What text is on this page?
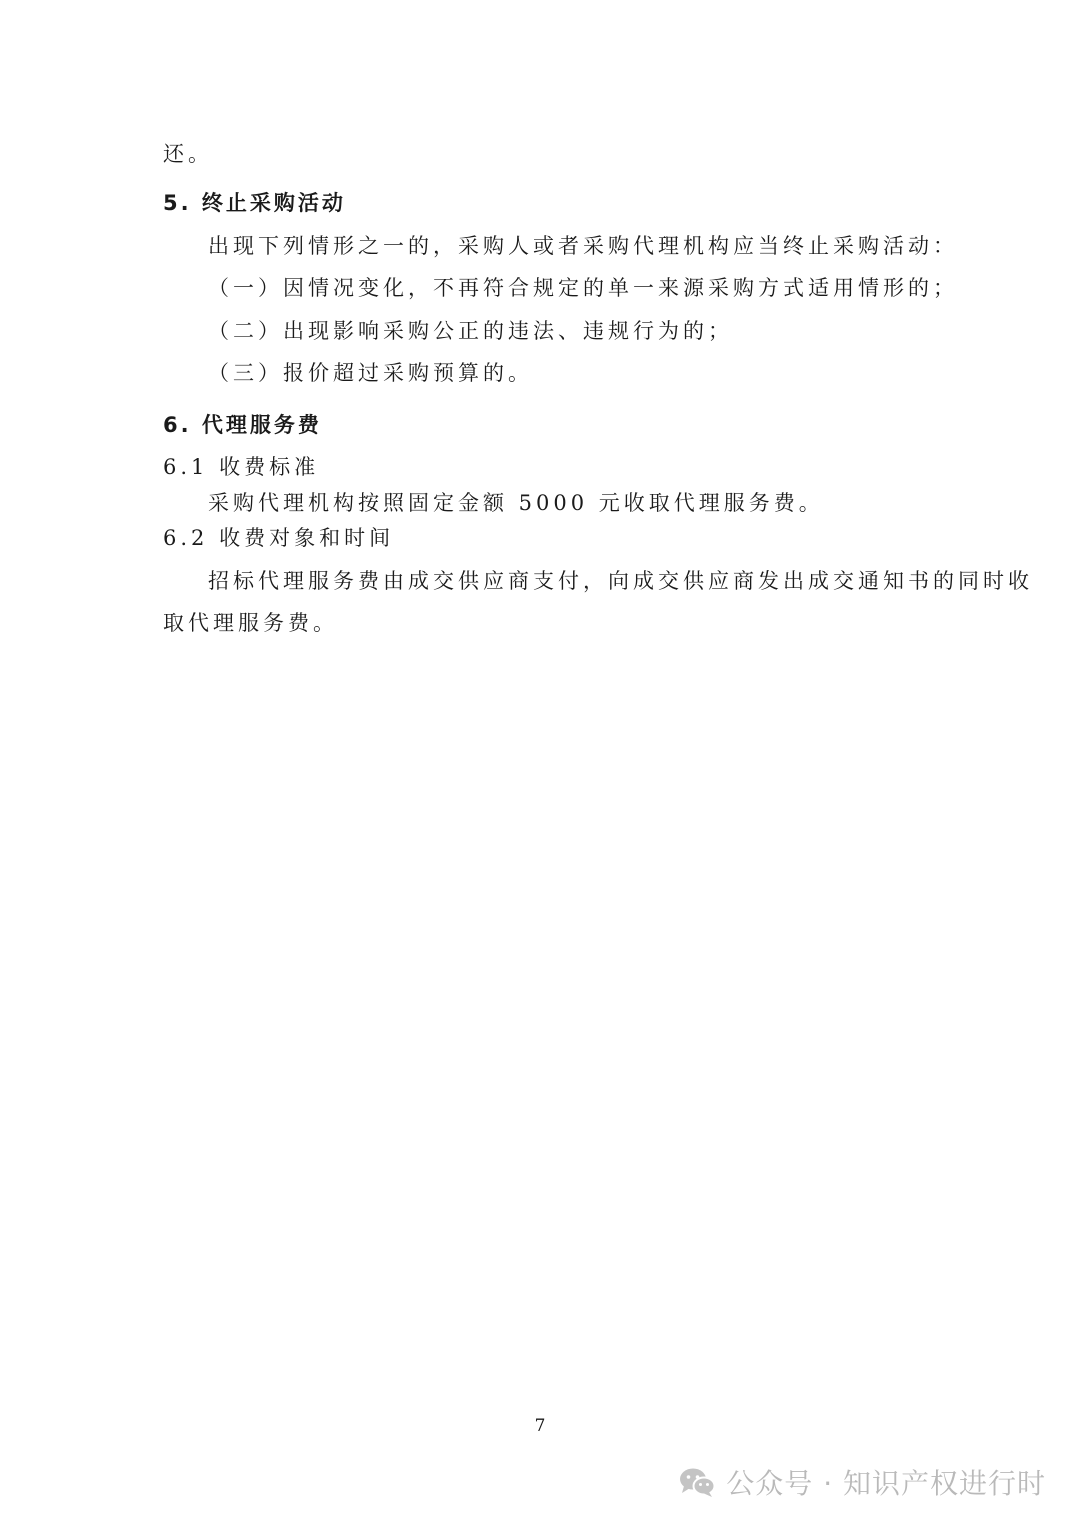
还。
5. 终止采购活动
出现下列情形之一的，采购人或者采购代理机构应当终止采购活动：
（一）因情况变化，不再符合规定的单一来源采购方式适用情形的；
（二）出现影响采购公正的违法、违规行为的；
（三）报价超过采购预算的。
6. 代理服务费
6.1 收费标准
采购代理机构按照固定金额 5000 元收取代理服务费。
6.2 收费对象和时间
招标代理服务费由成交供应商支付，向成交供应商发出成交通知书的同时收
取代理服务费。
7
公众号 · 知识产权进行时
